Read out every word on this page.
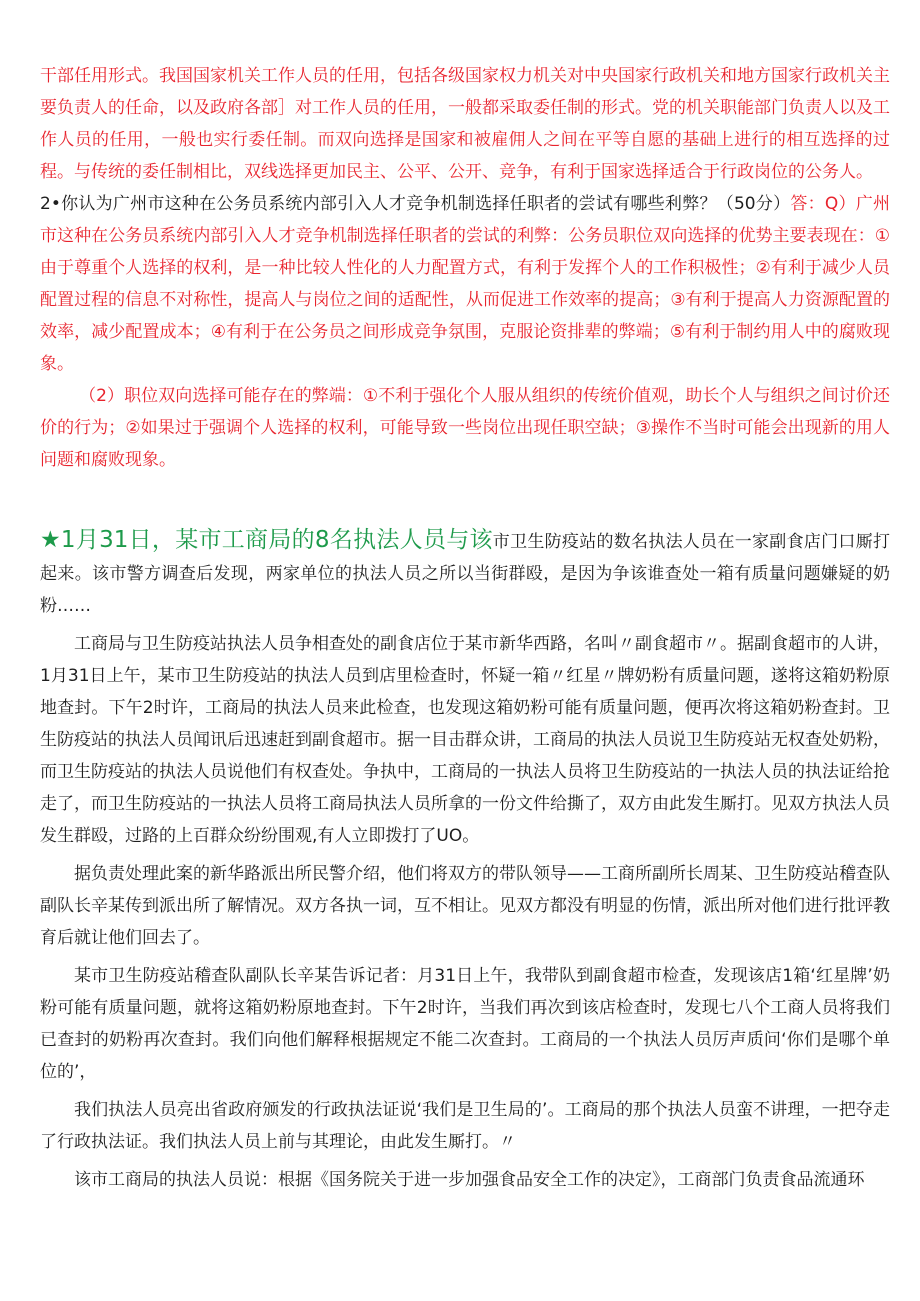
干部任用形式。我国国家机关工作人员的任用，包括各级国家权力机关对中央国家行政机关和地方国家行政机关主要负责人的任命，以及政府各部］对工作人员的任用，一般都采取委任制的形式。党的机关职能部门负责人以及工作人员的任用，一般也实行委任制。而双向选择是国家和被雇佣人之间在平等自愿的基础上进行的相互选择的过程。与传统的委任制相比，双线选择更加民主、公平、公开、竞争，有利于国家选择适合于行政岗位的公务人。

2•你认为广州市这种在公务员系统内部引入人才竞争机制选择任职者的尝试有哪些利弊？（50分）答：Q）广州市这种在公务员系统内部引入人才竞争机制选择任职者的尝试的利弊：公务员职位双向选择的优势主要表现在：①由于尊重个人选择的权利，是一种比较人性化的人力配置方式，有利于发挥个人的工作积极性；②有利于减少人员配置过程的信息不对称性，提高人与岗位之间的适配性，从而促进工作效率的提高；③有利于提高人力资源配置的效率，减少配置成本；④有利于在公务员之间形成竞争氛围，克服论资排辈的弊端；⑤有利于制约用人中的腐败现象。

（2）职位双向选择可能存在的弊端：①不利于强化个人服从组织的传统价值观，助长个人与组织之间讨价还价的行为；②如果过于强调个人选择的权利，可能导致一些岗位出现任职空缺；③操作不当时可能会出现新的用人问题和腐败现象。

★1月31日，某市工商局的8名执法人员与该市卫生防疫站的数名执法人员在一家副食店门口厮打起来。该市警方调查后发现，两家单位的执法人员之所以当街群殴，是因为争该谁查处一箱有质量问题嫌疑的奶粉……

工商局与卫生防疫站执法人员争相查处的副食店位于某市新华西路，名叫〃副食超市〃。据副食超市的人讲，1月31日上午，某市卫生防疫站的执法人员到店里检查时，怀疑一箱〃红星〃牌奶粉有质量问题，遂将这箱奶粉原地查封。下午2时许，工商局的执法人员来此检查，也发现这箱奶粉可能有质量问题，便再次将这箱奶粉查封。卫生防疫站的执法人员闻讯后迅速赶到副食超市。据一目击群众讲，工商局的执法人员说卫生防疫站无权查处奶粉，而卫生防疫站的执法人员说他们有权查处。争执中，工商局的一执法人员将卫生防疫站的一执法人员的执法证给抢走了，而卫生防疫站的一执法人员将工商局执法人员所拿的一份文件给撕了，双方由此发生厮打。见双方执法人员发生群殴，过路的上百群众纷纷围观,有人立即拨打了UO。

据负责处理此案的新华路派出所民警介绍，他们将双方的带队领导——工商所副所长周某、卫生防疫站稽查队副队长辛某传到派出所了解情况。双方各执一词，互不相让。见双方都没有明显的伤情，派出所对他们进行批评教育后就让他们回去了。

某市卫生防疫站稽查队副队长辛某告诉记者：月31日上午，我带队到副食超市检查，发现该店1箱‘红星牌’奶粉可能有质量问题，就将这箱奶粉原地查封。下午2时许，当我们再次到该店检查时，发现七八个工商人员将我们已查封的奶粉再次查封。我们向他们解释根据规定不能二次查封。工商局的一个执法人员厉声质问‘你们是哪个单位的’，

我们执法人员亮出省政府颁发的行政执法证说‘我们是卫生局的’。工商局的那个执法人员蛮不讲理，一把夺走了行政执法证。我们执法人员上前与其理论，由此发生厮打。〃

该市工商局的执法人员说：根据《国务院关于进一步加强食品安全工作的决定》，工商部门负责食品流通环
